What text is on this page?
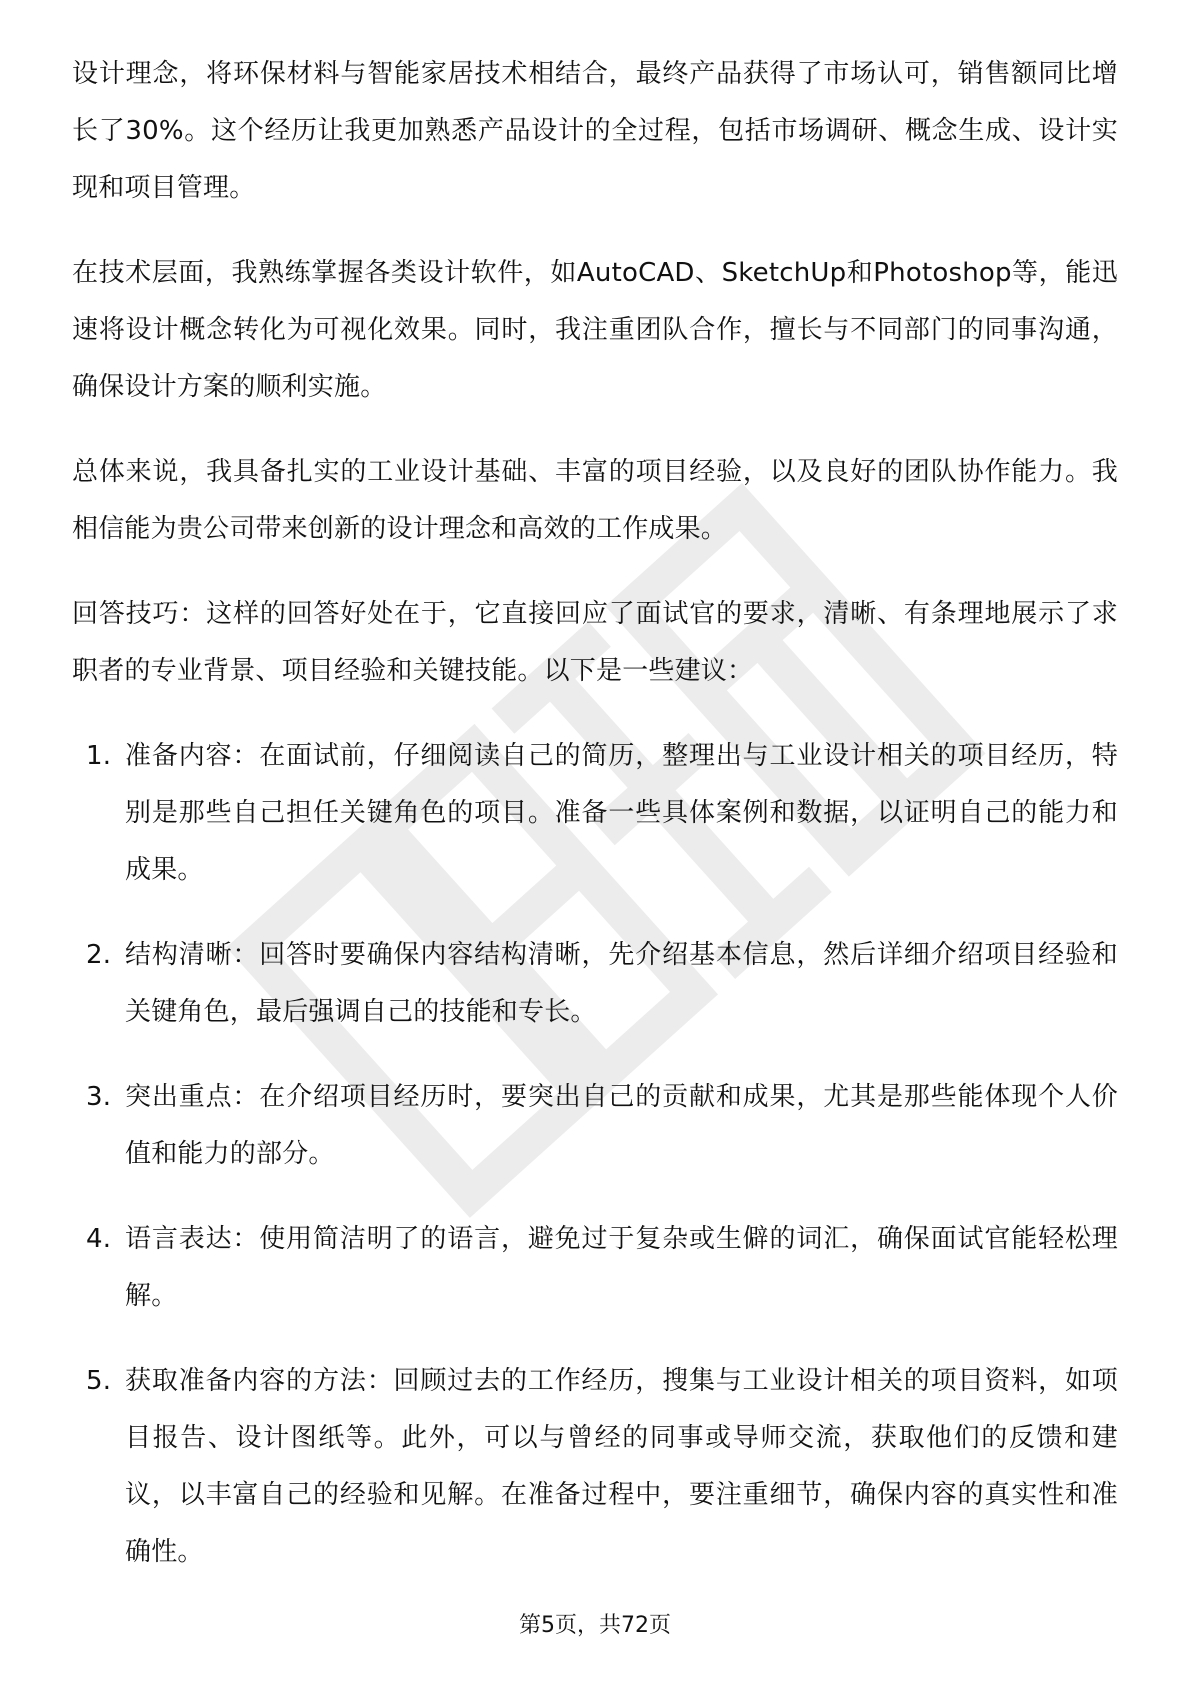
设计理念，将环保材料与智能家居技术相结合，最终产品获得了市场认可，销售额同比增长了30%。这个经历让我更加熟悉产品设计的全过程，包括市场调研、概念生成、设计实现和项目管理。

在技术层面，我熟练掌握各类设计软件，如AutoCAD、SketchUp和Photoshop等，能迅速将设计概念转化为可视化效果。同时，我注重团队合作，擅长与不同部门的同事沟通，确保设计方案的顺利实施。

总体来说，我具备扎实的工业设计基础、丰富的项目经验，以及良好的团队协作能力。我相信能为贵公司带来创新的设计理念和高效的工作成果。

回答技巧：这样的回答好处在于，它直接回应了面试官的要求，清晰、有条理地展示了求职者的专业背景、项目经验和关键技能。以下是一些建议：

1. 准备内容：在面试前，仔细阅读自己的简历，整理出与工业设计相关的项目经历，特别是那些自己担任关键角色的项目。准备一些具体案例和数据，以证明自己的能力和成果。
2. 结构清晰：回答时要确保内容结构清晰，先介绍基本信息，然后详细介绍项目经验和关键角色，最后强调自己的技能和专长。
3. 突出重点：在介绍项目经历时，要突出自己的贡献和成果，尤其是那些能体现个人价值和能力的部分。
4. 语言表达：使用简洁明了的语言，避免过于复杂或生僻的词汇，确保面试官能轻松理解。
5. 获取准备内容的方法：回顾过去的工作经历，搜集与工业设计相关的项目资料，如项目报告、设计图纸等。此外，可以与曾经的同事或导师交流，获取他们的反馈和建议，以丰富自己的经验和见解。在准备过程中，要注重细节，确保内容的真实性和准确性。
第5页，共72页
